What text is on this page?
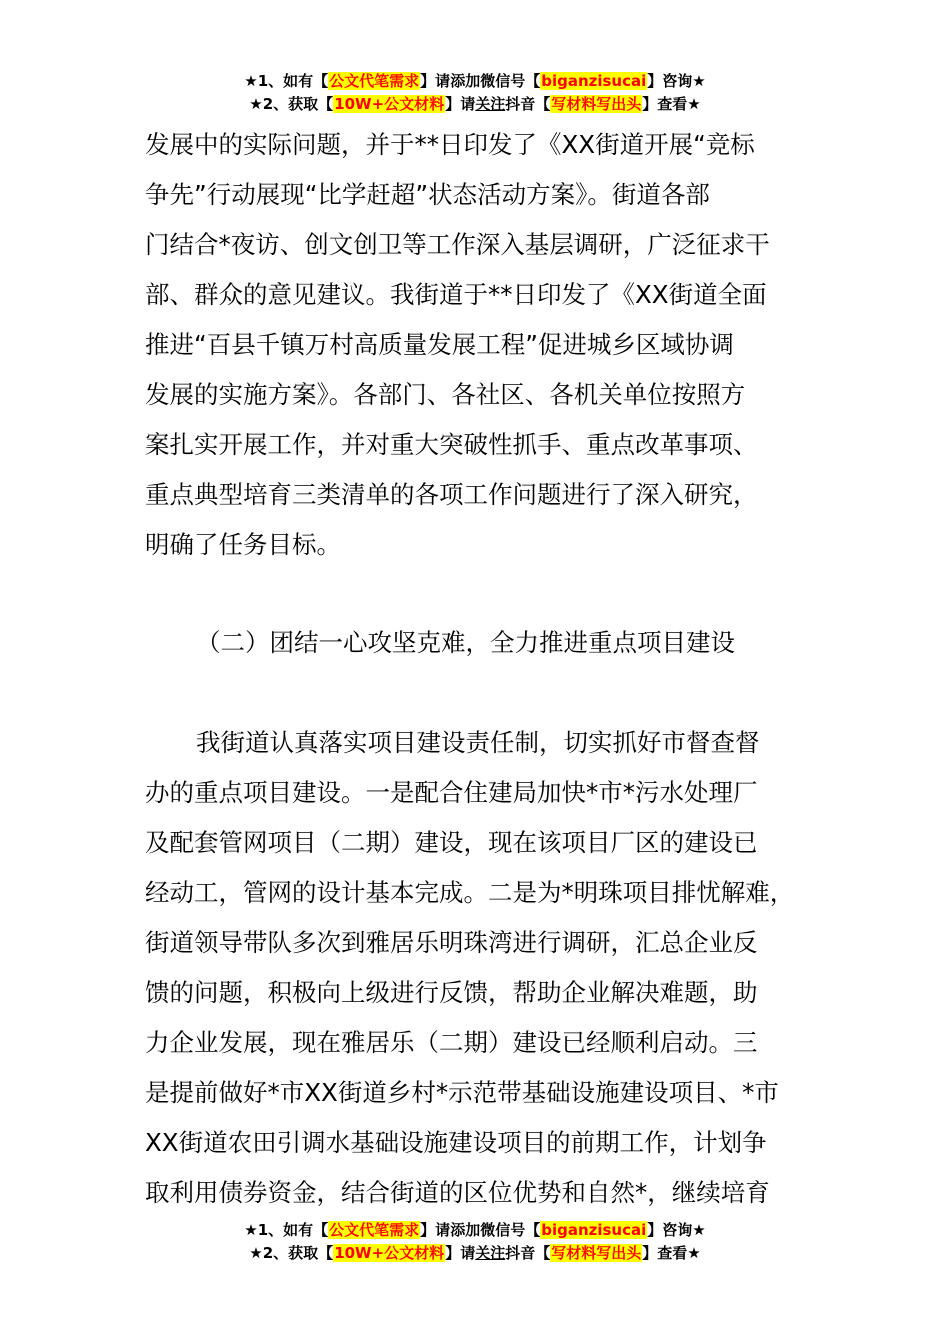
★1、如有【公文代笔需求】请添加微信号【biganzisucai】咨询★
★2、获取【10W+公文材料】请关注抖音【写材料写出头】查看★
发展中的实际问题，并于**日印发了《XX街道开展“竞标
争先”行动展现“比学赶超”状态活动方案》。街道各部
门结合*夜访、创文创卫等工作深入基层调研，广泛征求干
部、群众的意见建议。我街道于**日印发了《XX街道全面
推进“百县千镇万村高质量发展工程”促进城乡区域协调
发展的实施方案》。各部门、各社区、各机关单位按照方
案扎实开展工作，并对重大突破性抓手、重点改革事项、
重点典型培育三类清单的各项工作问题进行了深入研究，
明确了任务目标。
（二）团结一心攻坚克难，全力推进重点项目建设
我街道认真落实项目建设责任制，切实抓好市督查督
办的重点项目建设。一是配合住建局加快*市*污水处理厂
及配套管网项目（二期）建设，现在该项目厂区的建设已
经动工，管网的设计基本完成。二是为*明珠项目排忧解难，
街道领导带队多次到雅居乐明珠湾进行调研，汇总企业反
馈的问题，积极向上级进行反馈，帮助企业解决难题，助
力企业发展，现在雅居乐（二期）建设已经顺利启动。三
是提前做好*市XX街道乡村*示范带基础设施建设项目、*市
XX街道农田引调水基础设施建设项目的前期工作，计划争
取利用债券资金，结合街道的区位优势和自然*，继续培育
★1、如有【公文代笔需求】请添加微信号【biganzisucai】咨询★
★2、获取【10W+公文材料】请关注抖音【写材料写出头】查看★
